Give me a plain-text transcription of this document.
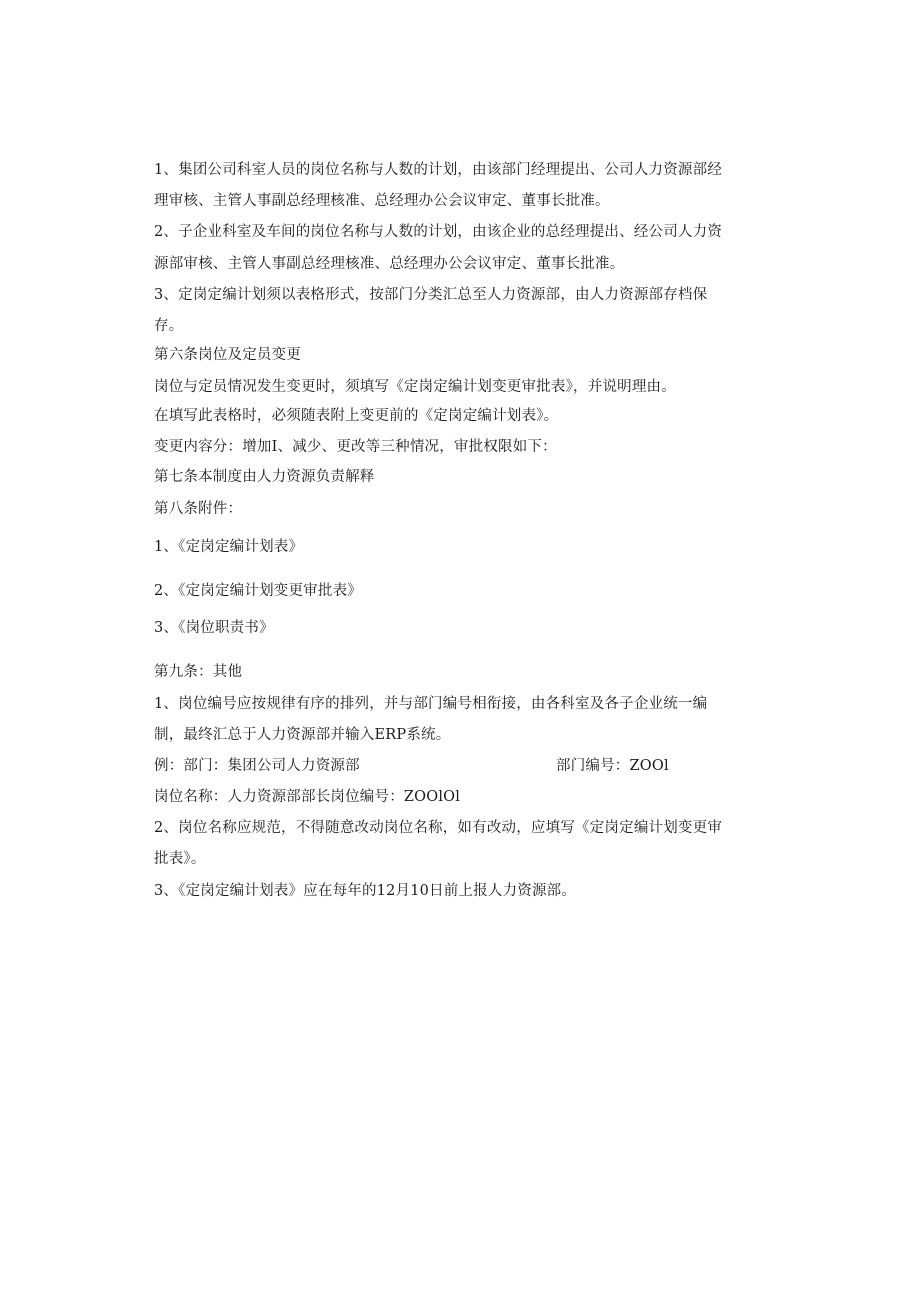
1、集团公司科室人员的岗位名称与人数的计划，由该部门经理提出、公司人力资源部经
理审核、主管人事副总经理核准、总经理办公会议审定、董事长批准。
2、子企业科室及车间的岗位名称与人数的计划，由该企业的总经理提出、经公司人力资
源部审核、主管人事副总经理核准、总经理办公会议审定、董事长批准。
3、定岗定编计划须以表格形式，按部门分类汇总至人力资源部，由人力资源部存档保
存。
第六条岗位及定员变更
岗位与定员情况发生变更时，须填写《定岗定编计划变更审批表》，并说明理由。
在填写此表格时，必须随表附上变更前的《定岗定编计划表》。
变更内容分：增加I、减少、更改等三种情况，审批权限如下：
第七条本制度由人力资源负责解释
第八条附件：
1、《定岗定编计划表》
2、《定岗定编计划变更审批表》
3、《岗位职责书》
第九条：其他
1、岗位编号应按规律有序的排列，并与部门编号相衔接，由各科室及各子企业统一编
制，最终汇总于人力资源部并输入ERP系统。
例：部门：集团公司人力资源部	部门编号：ZOOl
岗位名称：人力资源部部长岗位编号：ZOOlOl
2、岗位名称应规范，不得随意改动岗位名称，如有改动，应填写《定岗定编计划变更审
批表》。
3、《定岗定编计划表》应在每年的12月10日前上报人力资源部。
